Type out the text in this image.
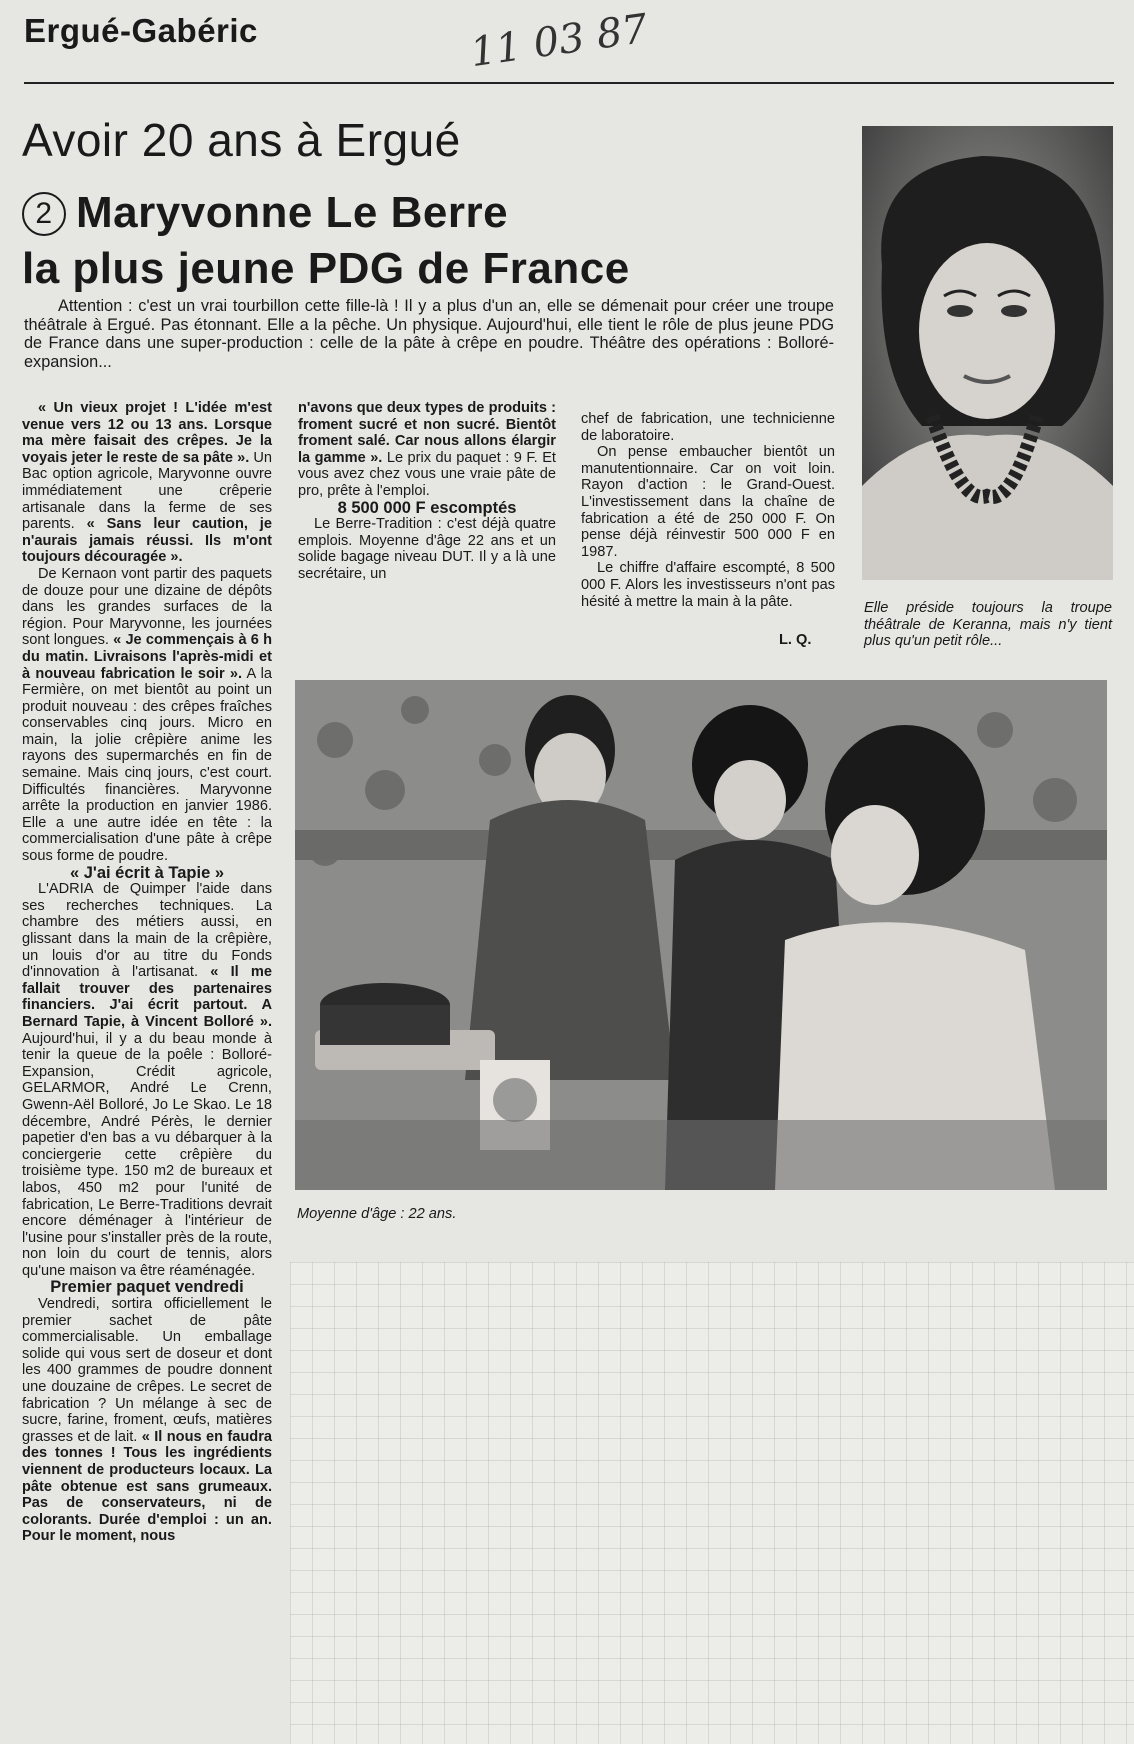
Ergué-Gabéric	11 03 87
Avoir 20 ans à Ergué
2 Maryvonne Le Berre
la plus jeune PDG de France
Attention : c'est un vrai tourbillon cette fille-là ! Il y a plus d'un an, elle se démenait pour créer une troupe théâtrale à Ergué. Pas étonnant. Elle a la pêche. Un physique. Aujourd'hui, elle tient le rôle de plus jeune PDG de France dans une super-production : celle de la pâte à crêpe en poudre. Théâtre des opérations : Bolloré-expansion...
Elle préside toujours la troupe théâtrale de Keranna, mais n'y tient plus qu'un petit rôle...

« Un vieux projet ! L'idée m'est venue vers 12 ou 13 ans. Lorsque ma mère faisait des crêpes. Je la voyais jeter le reste de sa pâte ». Un Bac option agricole, Maryvonne ouvre immédiatement une crêperie artisanale dans la ferme de ses parents. « Sans leur caution, je n'aurais jamais réussi. Ils m'ont toujours découragée ».

De Kernaon vont partir des paquets de douze pour une dizaine de dépôts dans les grandes surfaces de la région. Pour Maryvonne, les journées sont longues. « Je commençais à 6 h du matin. Livraisons l'après-midi et à nouveau fabrication le soir ». A la Fermière, on met bientôt au point un produit nouveau : des crêpes fraîches conservables cinq jours. Micro en main, la jolie crêpière anime les rayons des supermarchés en fin de semaine. Mais cinq jours, c'est court. Difficultés financières. Maryvonne arrête la production en janvier 1986. Elle a une autre idée en tête : la commercialisation d'une pâte à crêpe sous forme de poudre.

« J'ai écrit à Tapie »

L'ADRIA de Quimper l'aide dans ses recherches techniques. La chambre des métiers aussi, en glissant dans la main de la crêpière, un louis d'or au titre du Fonds d'innovation à l'artisanat. « Il me fallait trouver des partenaires financiers. J'ai écrit partout. A Bernard Tapie, à Vincent Bolloré ». Aujourd'hui, il y a du beau monde à tenir la queue de la poêle : Bolloré-Expansion, Crédit agricole, GELARMOR, André Le Crenn, Gwenn-Aël Bolloré, Jo Le Skao. Le 18 décembre, André Pérès, le dernier papetier d'en bas a vu débarquer à la conciergerie cette crêpière du troisième type. 150 m2 de bureaux et labos, 450 m2 pour l'unité de fabrication, Le Berre-Traditions devrait encore déménager à l'intérieur de l'usine pour s'installer près de la route, non loin du court de tennis, alors qu'une maison va être réaménagée.

Premier paquet vendredi

Vendredi, sortira officiellement le premier sachet de pâte commercialisable. Un emballage solide qui vous sert de doseur et dont les 400 grammes de poudre donnent une douzaine de crêpes. Le secret de fabrication ? Un mélange à sec de sucre, farine, froment, œufs, matières grasses et de lait. « Il nous en faudra des tonnes ! Tous les ingrédients viennent de producteurs locaux. La pâte obtenue est sans grumeaux. Pas de conservateurs, ni de colorants. Durée d'emploi : un an. Pour le moment, nous

n'avons que deux types de produits : froment sucré et non sucré. Bientôt froment salé. Car nous allons élargir la gamme ». Le prix du paquet : 9 F. Et vous avez chez vous une vraie pâte de pro, prête à l'emploi.

8 500 000 F escomptés

Le Berre-Tradition : c'est déjà quatre emplois. Moyenne d'âge 22 ans et un solide bagage niveau DUT. Il y a là une secrétaire, un

chef de fabrication, une technicienne de laboratoire.

On pense embaucher bientôt un manutentionnaire. Car on voit loin. Rayon d'action : le Grand-Ouest. L'investissement dans la chaîne de fabrication a été de 250 000 F. On pense déjà réinvestir 500 000 F en 1987.

Le chiffre d'affaire escompté, 8 500 000 F. Alors les investisseurs n'ont pas hésité à mettre la main à la pâte.

L. Q.
Moyenne d'âge : 22 ans.
